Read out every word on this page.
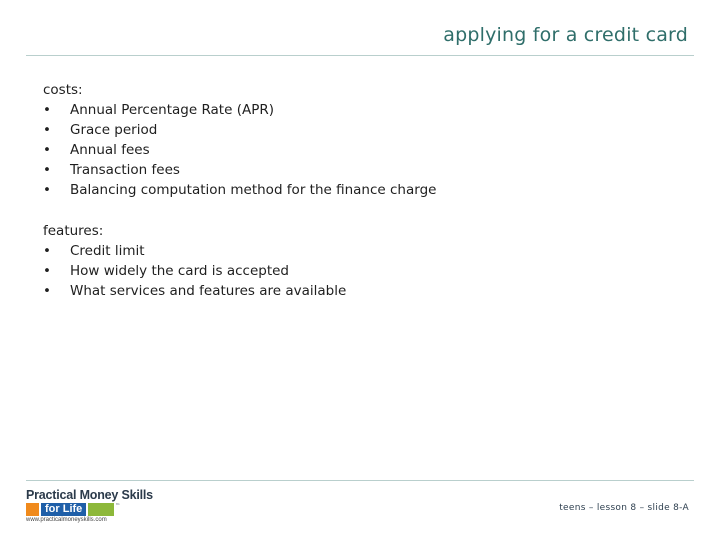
applying for a credit card
costs:
• Annual Percentage Rate (APR)
• Grace period
• Annual fees
• Transaction fees
• Balancing computation method for the finance charge
features:
• Credit limit
• How widely the card is accepted
• What services and features are available
Practical Money Skills
for Life	™
www.practicalmoneyskills.com
teens – lesson 8 – slide 8-A
